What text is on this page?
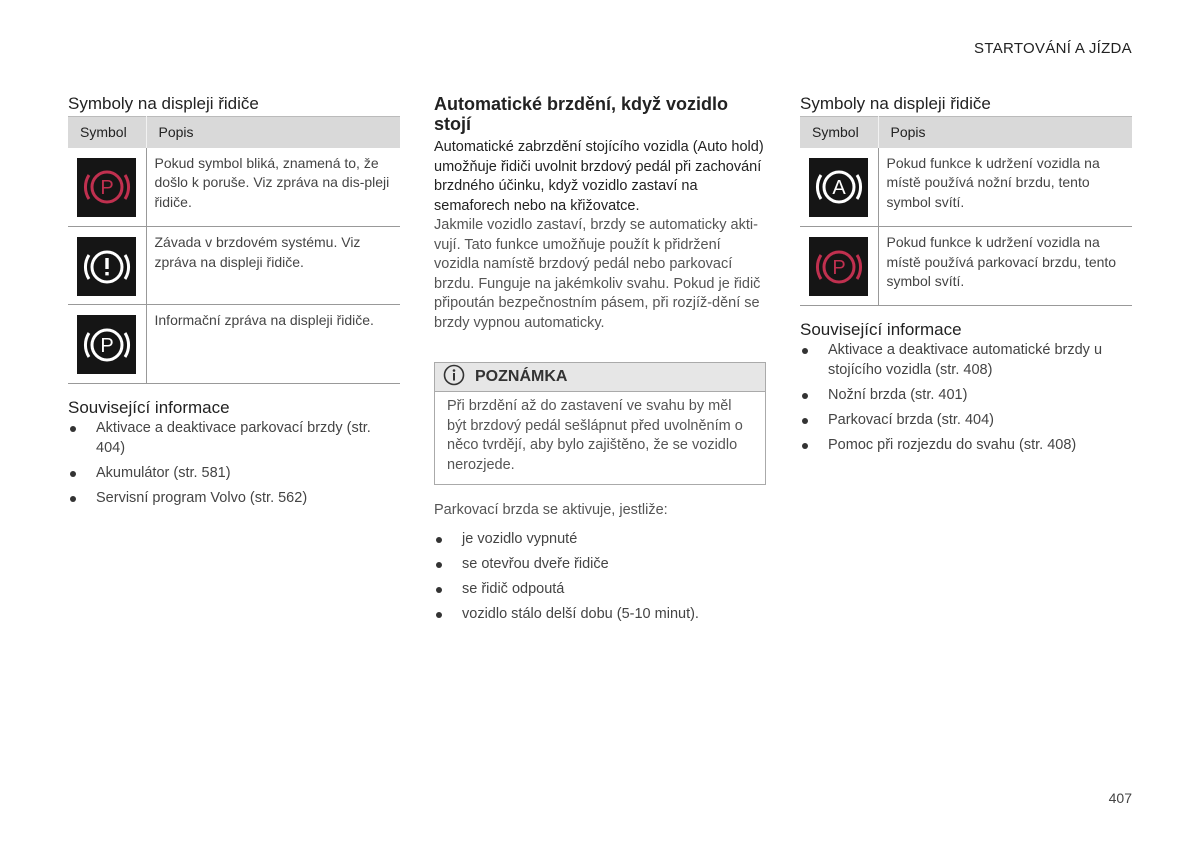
STARTOVÁNÍ A JÍZDA
Symboly na displeji řidiče
Symbol	Popis

P	Pokud symbol bliká, znamená to, že došlo k poruše. Viz zpráva na dis-pleji řidiče.

	Závada v brzdovém systému. Viz zpráva na displeji řidiče.

P	Informační zpráva na displeji řidiče.
Související informace
Aktivace a deaktivace parkovací brzdy (str. 404)
Akumulátor (str. 581)
Servisní program Volvo (str. 562)
Automatické brzdění, když vozidlo stojí

Automatické zabrzdění stojícího vozidla (Auto hold) umožňuje řidiči uvolnit brzdový pedál při zachování brzdného účinku, když vozidlo zastaví na semaforech nebo na křižovatce.

Jakmile vozidlo zastaví, brzdy se automaticky akti-vují. Tato funkce umožňuje použít k přidržení vozidla namístě brzdový pedál nebo parkovací brzdu. Funguje na jakémkoliv svahu. Pokud je řidič připoután bezpečnostním pásem, při rozjíž-dění se brzdy vypnou automaticky.

POZNÁMKA
Při brzdění až do zastavení ve svahu by měl být brzdový pedál sešlápnut před uvolněním o něco tvrdějí, aby bylo zajištěno, že se vozidlo nerozjede.

Parkovací brzda se aktivuje, jestliže:

je vozidlo vypnuté
se otevřou dveře řidiče
se řidič odpoutá
vozidlo stálo delší dobu (5-10 minut).
Symboly na displeji řidiče
Symbol	Popis

A	Pokud funkce k udržení vozidla na místě používá nožní brzdu, tento symbol svítí.

P	Pokud funkce k udržení vozidla na místě používá parkovací brzdu, tento symbol svítí.
Související informace
Aktivace a deaktivace automatické brzdy u stojícího vozidla (str. 408)
Nožní brzda (str. 401)
Parkovací brzda (str. 404)
Pomoc při rozjezdu do svahu (str. 408)
407
